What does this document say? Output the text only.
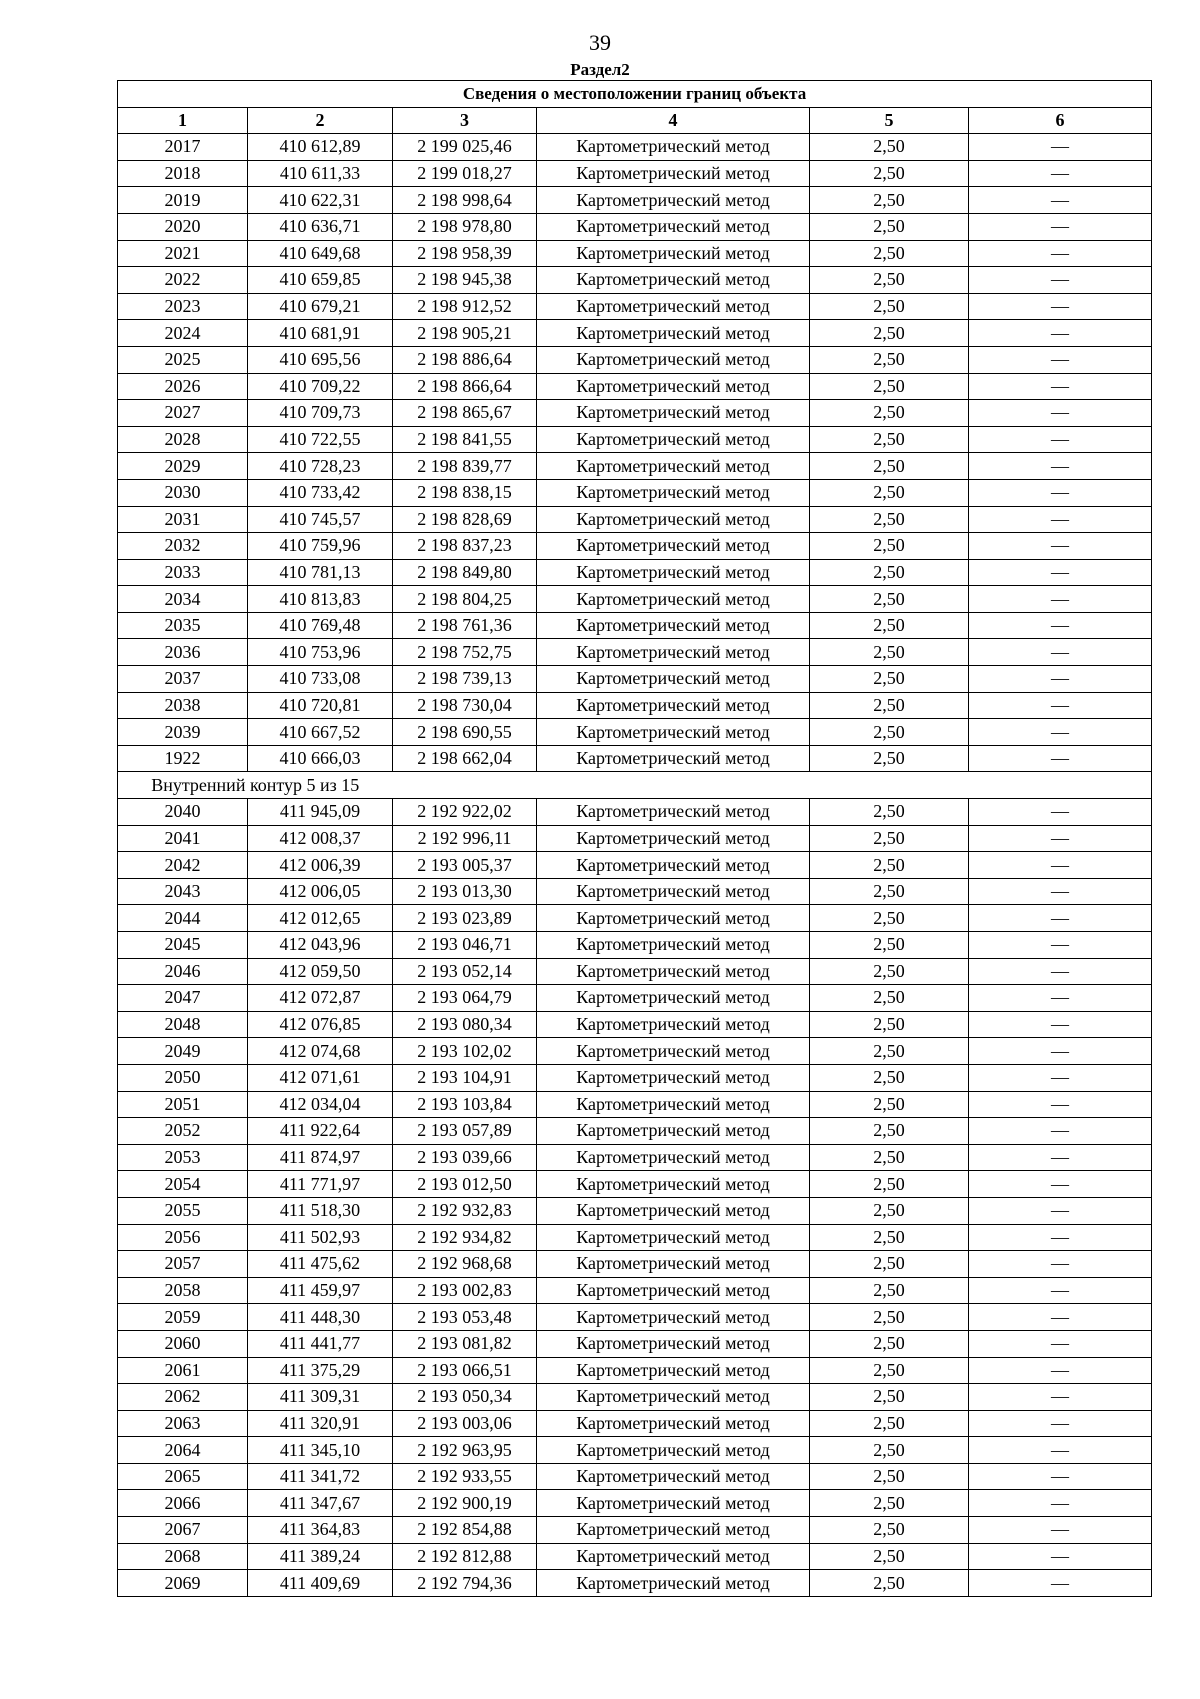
39
Раздел2
Сведения о местоположении границ объекта					
1	2	3	4	5	6
2017	410 612,89	2 199 025,46	Картометрический метод	2,50	—
2018	410 611,33	2 199 018,27	Картометрический метод	2,50	—
2019	410 622,31	2 198 998,64	Картометрический метод	2,50	—
2020	410 636,71	2 198 978,80	Картометрический метод	2,50	—
2021	410 649,68	2 198 958,39	Картометрический метод	2,50	—
2022	410 659,85	2 198 945,38	Картометрический метод	2,50	—
2023	410 679,21	2 198 912,52	Картометрический метод	2,50	—
2024	410 681,91	2 198 905,21	Картометрический метод	2,50	—
2025	410 695,56	2 198 886,64	Картометрический метод	2,50	—
2026	410 709,22	2 198 866,64	Картометрический метод	2,50	—
2027	410 709,73	2 198 865,67	Картометрический метод	2,50	—
2028	410 722,55	2 198 841,55	Картометрический метод	2,50	—
2029	410 728,23	2 198 839,77	Картометрический метод	2,50	—
2030	410 733,42	2 198 838,15	Картометрический метод	2,50	—
2031	410 745,57	2 198 828,69	Картометрический метод	2,50	—
2032	410 759,96	2 198 837,23	Картометрический метод	2,50	—
2033	410 781,13	2 198 849,80	Картометрический метод	2,50	—
2034	410 813,83	2 198 804,25	Картометрический метод	2,50	—
2035	410 769,48	2 198 761,36	Картометрический метод	2,50	—
2036	410 753,96	2 198 752,75	Картометрический метод	2,50	—
2037	410 733,08	2 198 739,13	Картометрический метод	2,50	—
2038	410 720,81	2 198 730,04	Картометрический метод	2,50	—
2039	410 667,52	2 198 690,55	Картометрический метод	2,50	—
1922	410 666,03	2 198 662,04	Картометрический метод	2,50	—
Внутренний контур 5 из 15					
2040	411 945,09	2 192 922,02	Картометрический метод	2,50	—
2041	412 008,37	2 192 996,11	Картометрический метод	2,50	—
2042	412 006,39	2 193 005,37	Картометрический метод	2,50	—
2043	412 006,05	2 193 013,30	Картометрический метод	2,50	—
2044	412 012,65	2 193 023,89	Картометрический метод	2,50	—
2045	412 043,96	2 193 046,71	Картометрический метод	2,50	—
2046	412 059,50	2 193 052,14	Картометрический метод	2,50	—
2047	412 072,87	2 193 064,79	Картометрический метод	2,50	—
2048	412 076,85	2 193 080,34	Картометрический метод	2,50	—
2049	412 074,68	2 193 102,02	Картометрический метод	2,50	—
2050	412 071,61	2 193 104,91	Картометрический метод	2,50	—
2051	412 034,04	2 193 103,84	Картометрический метод	2,50	—
2052	411 922,64	2 193 057,89	Картометрический метод	2,50	—
2053	411 874,97	2 193 039,66	Картометрический метод	2,50	—
2054	411 771,97	2 193 012,50	Картометрический метод	2,50	—
2055	411 518,30	2 192 932,83	Картометрический метод	2,50	—
2056	411 502,93	2 192 934,82	Картометрический метод	2,50	—
2057	411 475,62	2 192 968,68	Картометрический метод	2,50	—
2058	411 459,97	2 193 002,83	Картометрический метод	2,50	—
2059	411 448,30	2 193 053,48	Картометрический метод	2,50	—
2060	411 441,77	2 193 081,82	Картометрический метод	2,50	—
2061	411 375,29	2 193 066,51	Картометрический метод	2,50	—
2062	411 309,31	2 193 050,34	Картометрический метод	2,50	—
2063	411 320,91	2 193 003,06	Картометрический метод	2,50	—
2064	411 345,10	2 192 963,95	Картометрический метод	2,50	—
2065	411 341,72	2 192 933,55	Картометрический метод	2,50	—
2066	411 347,67	2 192 900,19	Картометрический метод	2,50	—
2067	411 364,83	2 192 854,88	Картометрический метод	2,50	—
2068	411 389,24	2 192 812,88	Картометрический метод	2,50	—
2069	411 409,69	2 192 794,36	Картометрический метод	2,50	—
